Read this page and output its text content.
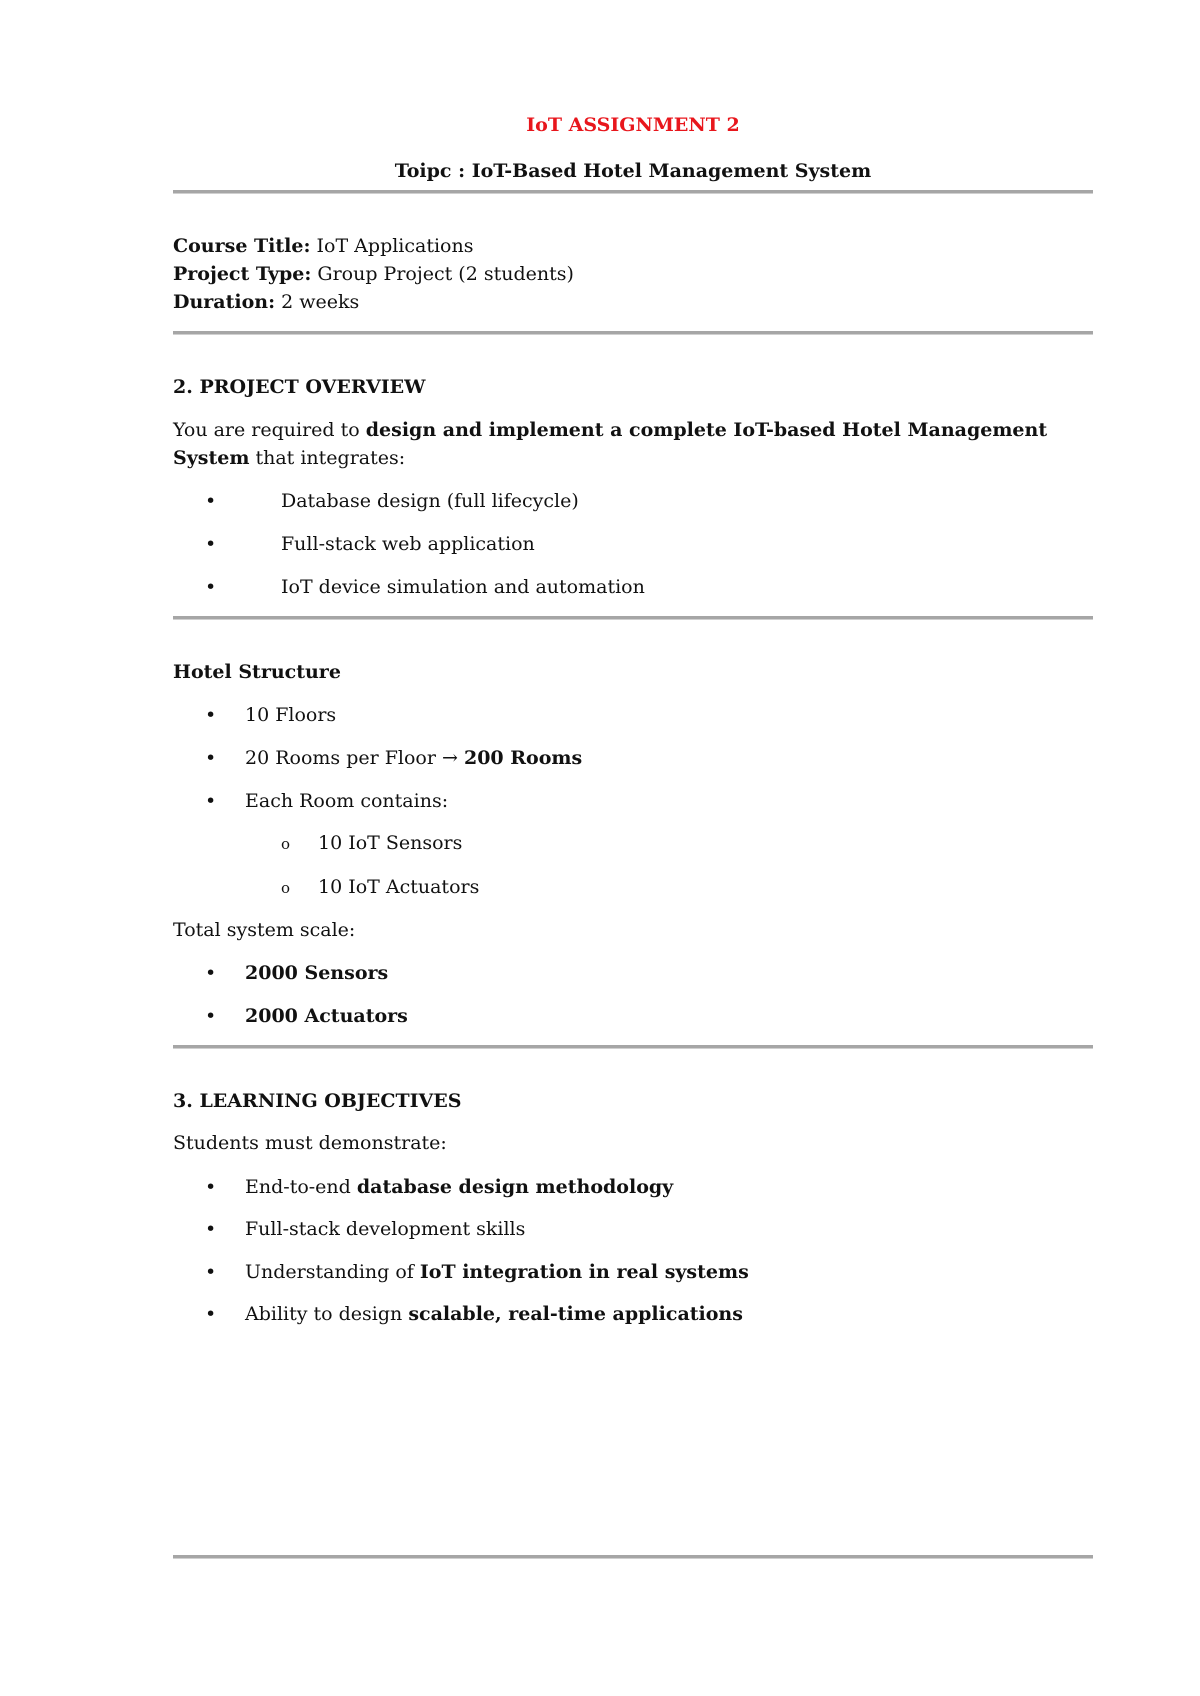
IoT ASSIGNMENT 2
Toipc : IoT-Based Hotel Management System
Course Title: IoT Applications
Project Type: Group Project (2 students)
Duration: 2 weeks
2. PROJECT OVERVIEW
You are required to design and implement a complete IoT-based Hotel Management
System that integrates:
•	Database design (full lifecycle)
•	Full-stack web application
•	IoT device simulation and automation
Hotel Structure
• 10 Floors
• 20 Rooms per Floor → 200 Rooms
• Each Room contains:
o 10 IoT Sensors
o 10 IoT Actuators
Total system scale:
• 2000 Sensors
• 2000 Actuators
3. LEARNING OBJECTIVES
Students must demonstrate:
• End-to-end database design methodology
• Full-stack development skills
• Understanding of IoT integration in real systems
• Ability to design scalable, real-time applications
